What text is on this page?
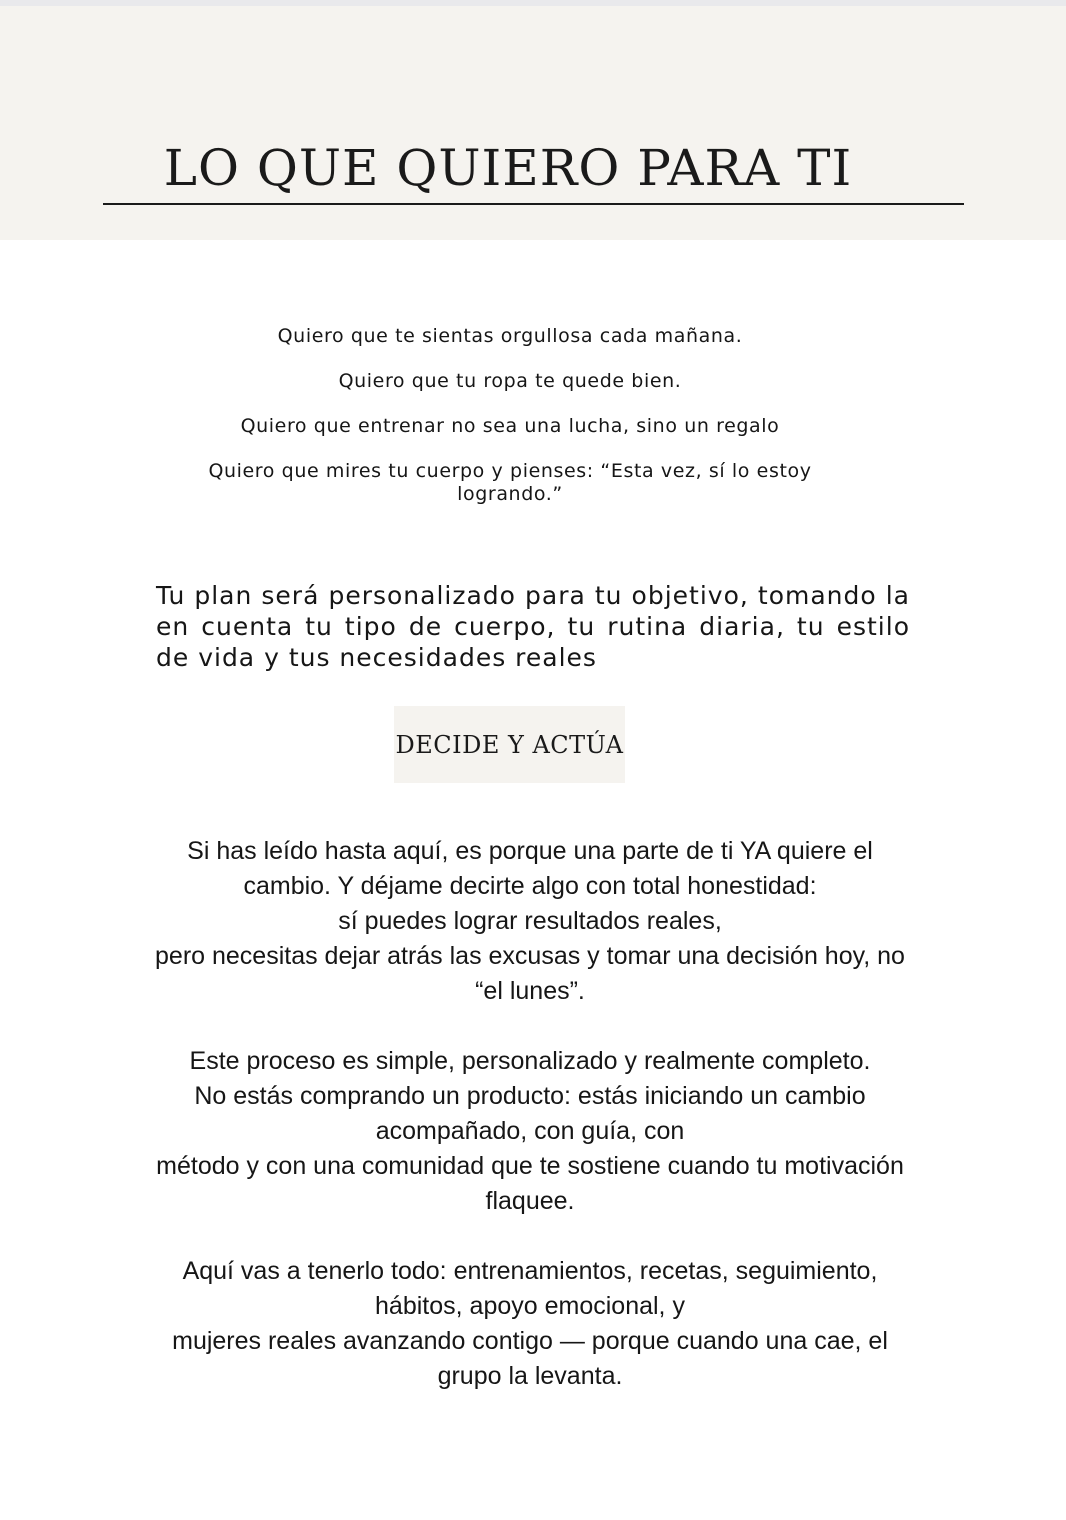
LO QUE QUIERO PARA TI

Quiero que te sientas orgullosa cada mañana.

Quiero que tu ropa te quede bien.

Quiero que entrenar no sea una lucha, sino un regalo

Quiero que mires tu cuerpo y pienses: “Esta vez, sí lo estoy logrando.”

Tu plan será personalizado para tu objetivo, tomando la en cuenta tu tipo de cuerpo, tu rutina diaria, tu estilo de vida y tus necesidades reales

DECIDE Y ACTÚA

Si has leído hasta aquí, es porque una parte de ti YA quiere el cambio. Y déjame decirte algo con total honestidad:

sí puedes lograr resultados reales,

pero necesitas dejar atrás las excusas y tomar una decisión hoy, no “el lunes”.

Este proceso es simple, personalizado y realmente completo.

No estás comprando un producto: estás iniciando un cambio acompañado, con guía, con

método y con una comunidad que te sostiene cuando tu motivación flaquee.

Aquí vas a tenerlo todo: entrenamientos, recetas, seguimiento, hábitos, apoyo emocional, y

mujeres reales avanzando contigo — porque cuando una cae, el grupo la levanta.
